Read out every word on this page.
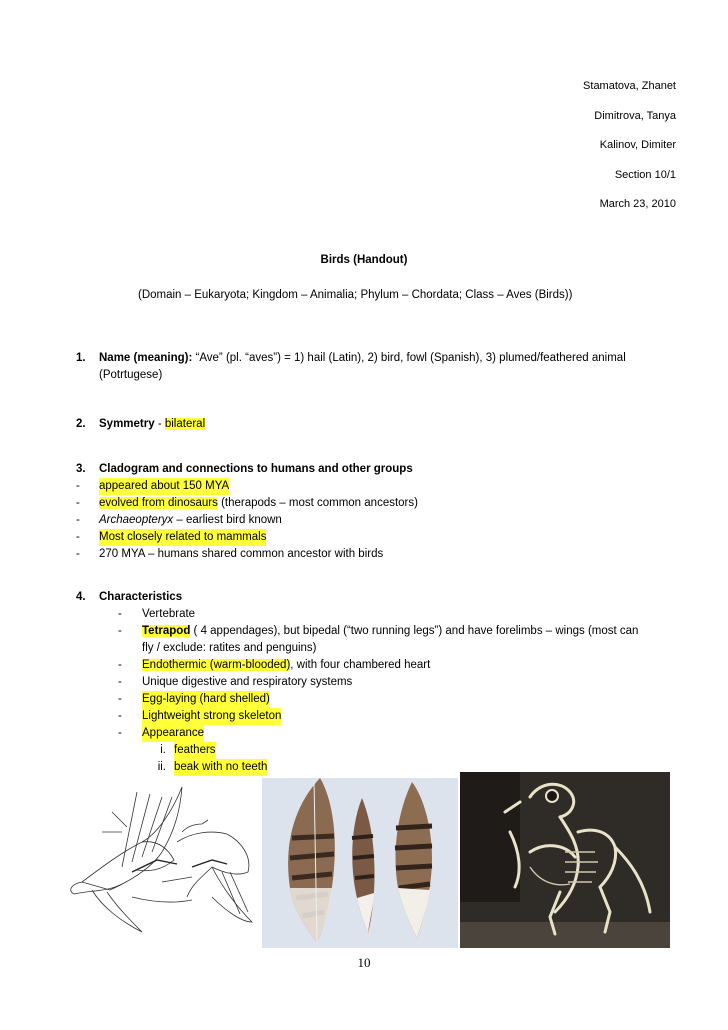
Stamatova, Zhanet
Dimitrova, Tanya
Kalinov, Dimiter
Section 10/1
March 23, 2010
Birds (Handout)
(Domain – Eukaryota; Kingdom – Animalia; Phylum – Chordata; Class – Aves (Birds))
1.	Name (meaning): “Ave” (pl. “aves”) = 1) hail (Latin), 2) bird, fowl (Spanish), 3) plumed/feathered animal
(Potrtugese)
2.	Symmetry - bilateral
3.	Cladogram and connections to humans and other groups
-	appeared about 150 MYA
-	evolved from dinosaurs (therapods – most common ancestors)
-	Archaeopteryx – earliest bird known
-	Most closely related to mammals
-	270 MYA – humans shared common ancestor with birds
4.	Characteristics
-	Vertebrate
-	Tetrapod ( 4 appendages), but bipedal (“two running legs”) and have forelimbs – wings (most can
fly / exclude: ratites and penguins)
-	Endothermic (warm-blooded), with four chambered heart
-	Unique digestive and respiratory systems
-	Egg-laying (hard shelled)
-	Lightweight strong skeleton
-	Appearance
i. feathers
ii. beak with no teeth
10
